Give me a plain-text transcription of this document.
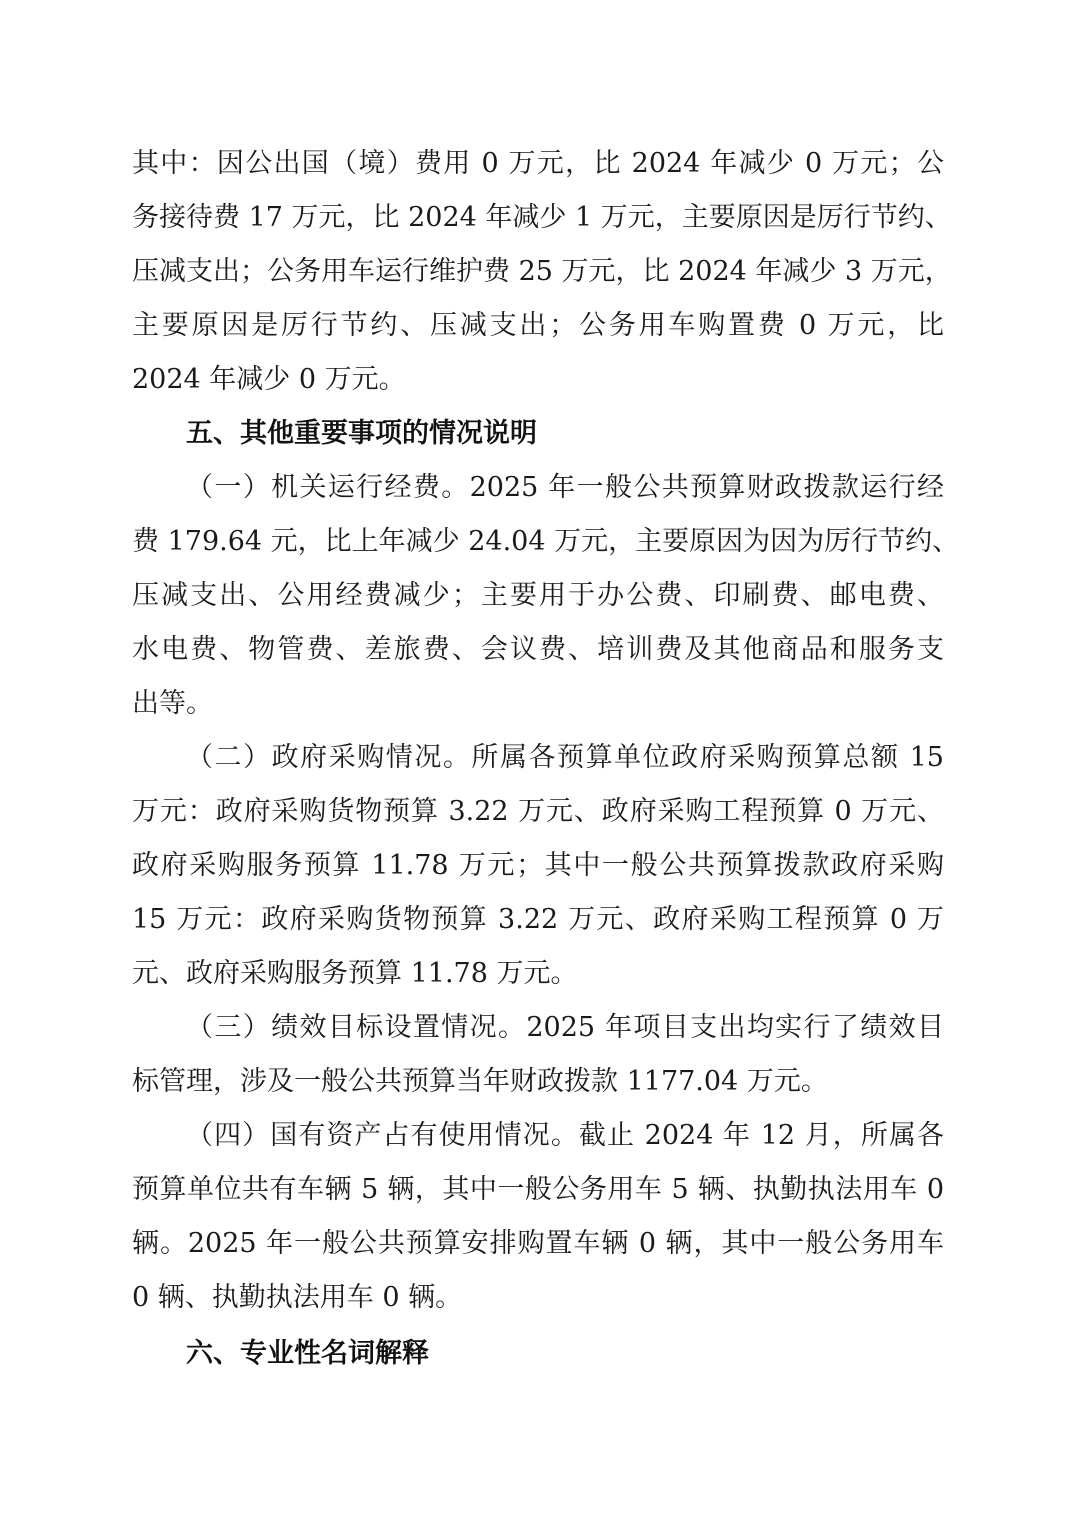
其中：因公出国（境）费用 0 万元，比 2024 年减少 0 万元；公
务接待费 17 万元，比 2024 年减少 1 万元，主要原因是厉行节约、
压减支出；公务用车运行维护费 25 万元，比 2024 年减少 3 万元，
主要原因是厉行节约、压减支出；公务用车购置费 0 万元，比
2024 年减少 0 万元。
五、其他重要事项的情况说明
（一）机关运行经费。2025 年一般公共预算财政拨款运行经
费 179.64 元，比上年减少 24.04 万元，主要原因为因为厉行节约、
压减支出、公用经费减少；主要用于办公费、印刷费、邮电费、
水电费、物管费、差旅费、会议费、培训费及其他商品和服务支
出等。
（二）政府采购情况。所属各预算单位政府采购预算总额 15
万元：政府采购货物预算 3.22 万元、政府采购工程预算 0 万元、
政府采购服务预算 11.78 万元；其中一般公共预算拨款政府采购
15 万元：政府采购货物预算 3.22 万元、政府采购工程预算 0 万
元、政府采购服务预算 11.78 万元。
（三）绩效目标设置情况。2025 年项目支出均实行了绩效目
标管理，涉及一般公共预算当年财政拨款 1177.04 万元。
（四）国有资产占有使用情况。截止 2024 年 12 月，所属各
预算单位共有车辆 5 辆，其中一般公务用车 5 辆、执勤执法用车 0
辆。2025 年一般公共预算安排购置车辆 0 辆，其中一般公务用车
0 辆、执勤执法用车 0 辆。
六、专业性名词解释
